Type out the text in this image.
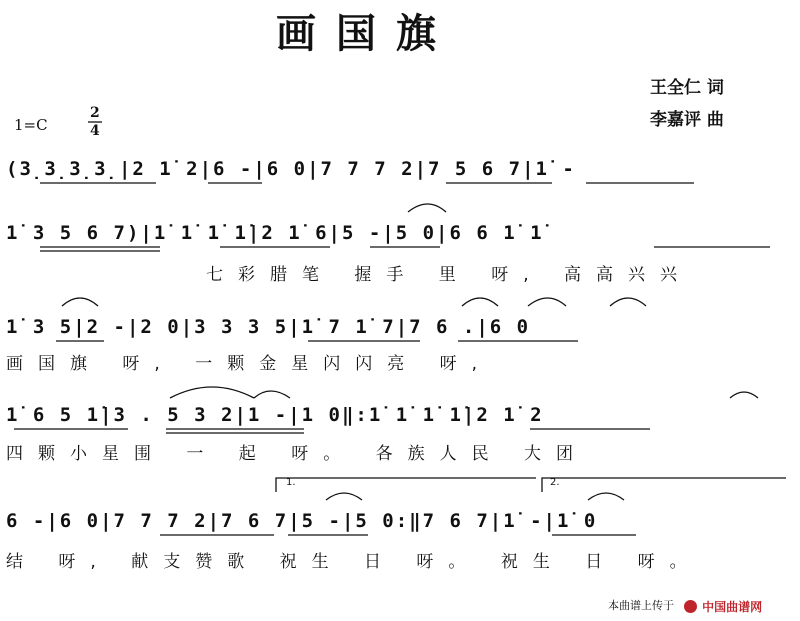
画国旗
王全仁 词
李嘉评 曲
1=C
2
4
(3̣3̣3̣3̣|2 1̇ 2|6 -|6 0|7 7 7 2|7 5 6 7|1̇ -
1̇ 3 5 6 7)|1̇ 1̇ 1̇ 1̇|2 1̇ 6|5 -|5 0|6 6 1̇ 1̇
七彩腊笔 握手 里 呀, 高高兴兴
1̇ 3 5|2 -|2 0|3 3 3 5|1̇ 7 1̇ 7|7 6 .|6 0
画国旗 呀, 一颗金星闪闪亮 呀,
1̇ 6 5 1̇|3 . 5 3 2|1 -|1 0‖:1̇ 1̇ 1̇ 1̇|2 1̇ 2
四颗小星围 一 起 呀。 各族人民 大团
1.	2.
6 -|6 0|7 7 7 2|7 6 7|5 -|5 0:‖7 6 7|1̇ -|1̇ 0
结 呀, 献支赞歌 祝生 日 呀。 祝生 日 呀。
本曲谱上传于	中国曲谱网
